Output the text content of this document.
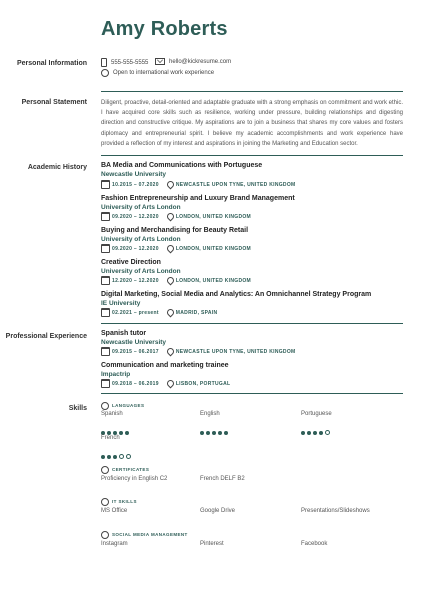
Amy Roberts
Personal Information	555-555-5555	hello@kickresume.com
Open to international work experience
Personal Statement Diligent, proactive, detail-oriented and adaptable graduate with a strong emphasis on commitment and work ethic. I have acquired core skills such as resilience, working under pressure, building relationships and digesting direction and constructive critique. My aspirations are to join a business that shares my core values and fosters diplomacy and entrepreneurial spirit. I believe my academic accomplishments and work experience have provided a reflection of my interest and aspirations in joining the Marketing and Education sector.
Academic History BA Media and Communications with Portuguese
Newcastle University
10.2015 – 07.2020	NEWCASTLE UPON TYNE, UNITED KINGDOM
Fashion Entrepreneurship and Luxury Brand Management
University of Arts London
09.2020 – 12.2020	LONDON, UNITED KINGDOM
Buying and Merchandising for Beauty Retail
University of Arts London
09.2020 – 12.2020	LONDON, UNITED KINGDOM
Creative Direction
University of Arts London
12.2020 – 12.2020	LONDON, UNITED KINGDOM
Digital Marketing, Social Media and Analytics: An Omnichannel Strategy Program
IE University
02.2021 – present	MADRID, SPAIN
Professional Experience Spanish tutor
Newcastle University
09.2015 – 06.2017	NEWCASTLE UPON TYNE, UNITED KINGDOM
Communication and marketing trainee
Impactrip
09.2018 – 06.2019	LISBON, PORTUGAL
Skills	LANGUAGES
Spanish	English	Portuguese
French
CERTIFICATES
Proficiency in English C2	French DELF B2
IT SKILLS
MS Office	Google Drive	Presentations/Slideshows
SOCIAL MEDIA MANAGEMENT
Instagram	Pinterest	Facebook
